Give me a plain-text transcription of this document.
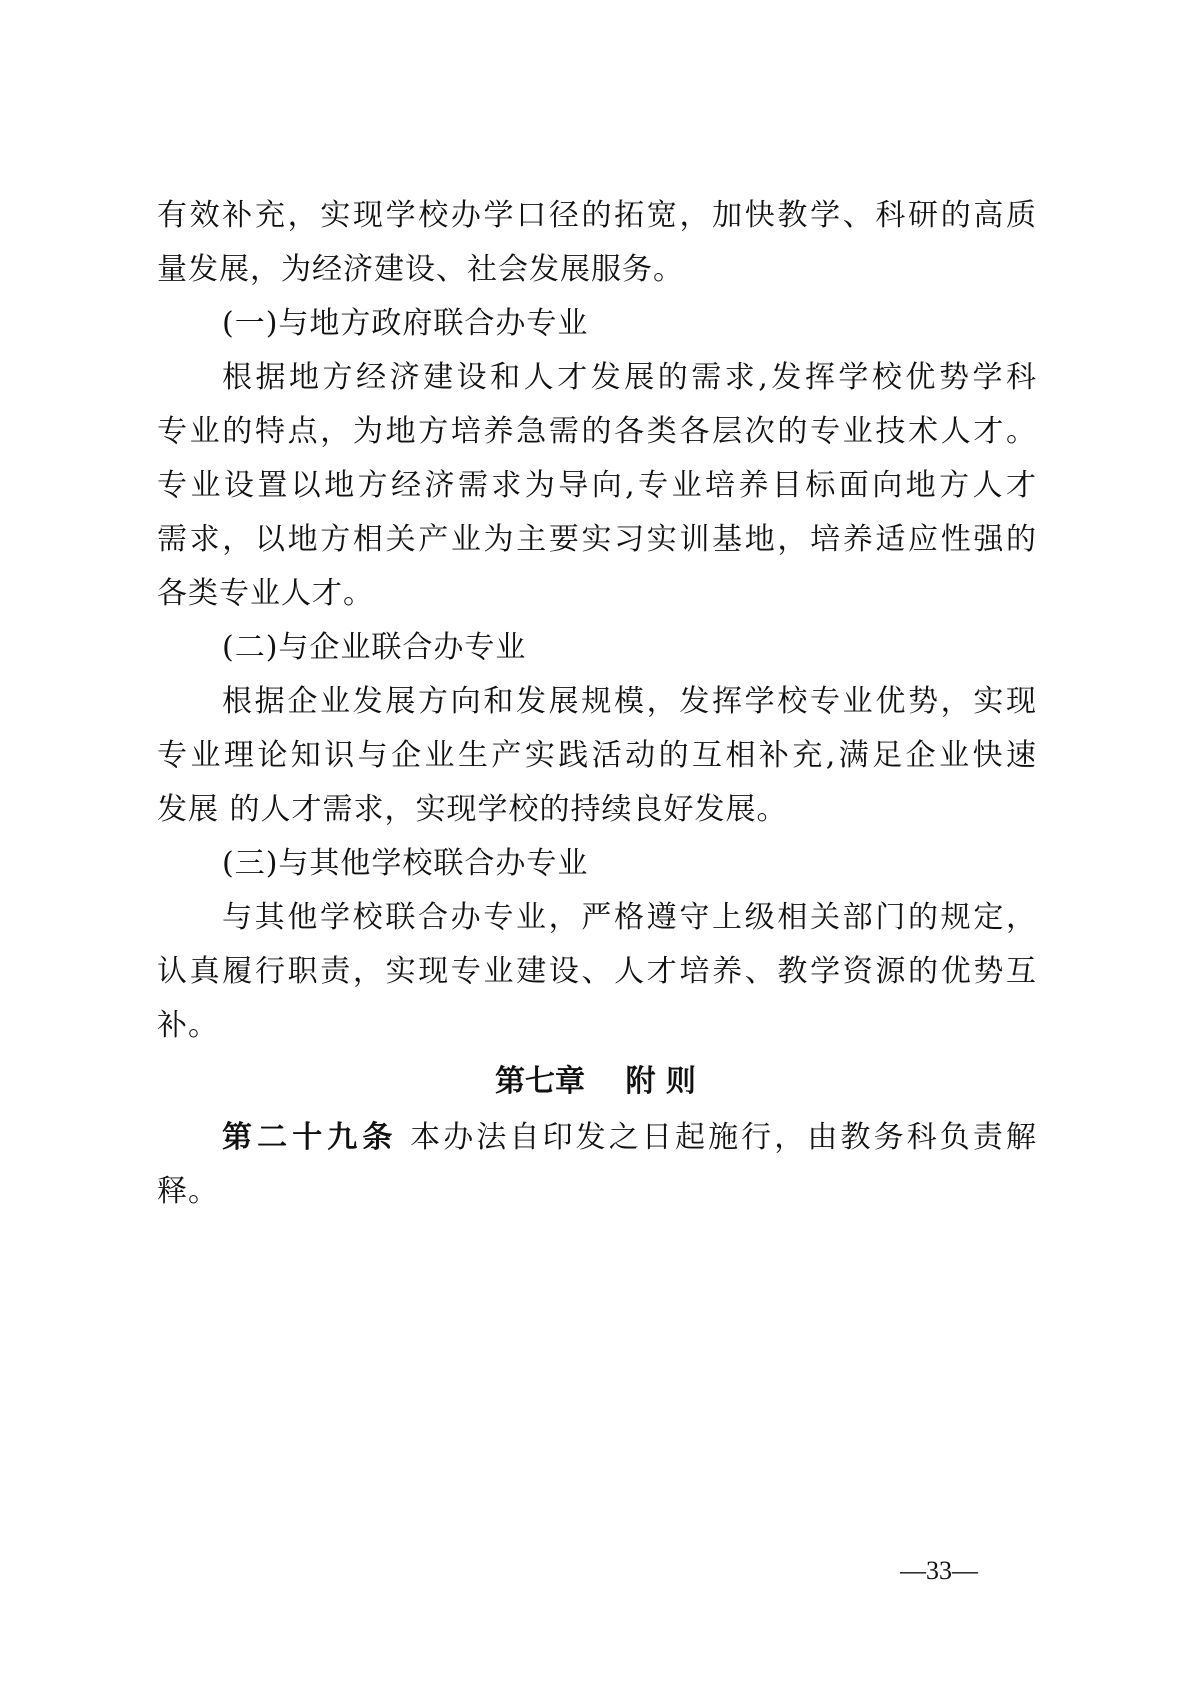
有效补充，实现学校办学口径的拓宽，加快教学、科研的高质
量发展，为经济建设、社会发展服务。
(一)与地方政府联合办专业
根据地方经济建设和人才发展的需求,发挥学校优势学科
专业的特点，为地方培养急需的各类各层次的专业技术人才。
专业设置以地方经济需求为导向,专业培养目标面向地方人才
需求，以地方相关产业为主要实习实训基地，培养适应性强的
各类专业人才。
(二)与企业联合办专业
根据企业发展方向和发展规模，发挥学校专业优势，实现
专业理论知识与企业生产实践活动的互相补充,满足企业快速
发展 的人才需求，实现学校的持续良好发展。
(三)与其他学校联合办专业
与其他学校联合办专业，严格遵守上级相关部门的规定，
认真履行职责，实现专业建设、人才培养、教学资源的优势互
补。
第七章　 附 则
第二十九条 本办法自印发之日起施行，由教务科负责解
释。
—33—
